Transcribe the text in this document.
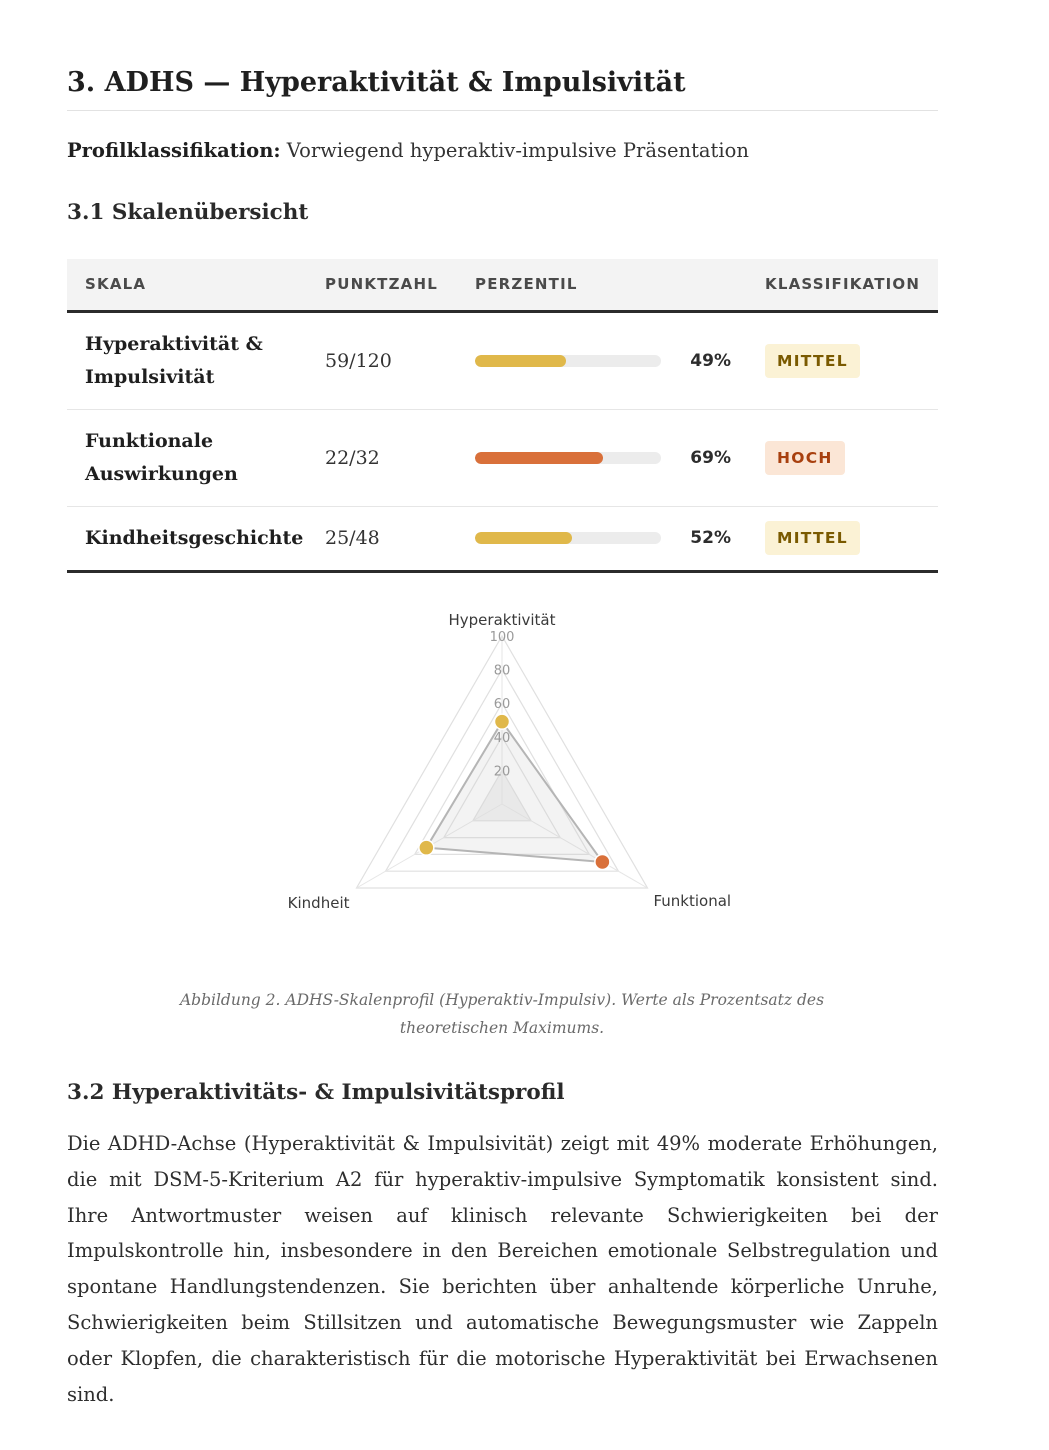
3. ADHS — Hyperaktivität & Impulsivität
Profilklassifikation: Vorwiegend hyperaktiv-impulsive Präsentation
3.1 Skalenübersicht
SKALA	PUNKTZAHL	PERZENTIL	KLASSIFIKATION
Hyperaktivität &
Impulsivität	59/120	49%	MITTEL
Funktionale
Auswirkungen	22/32	69%	HOCH
Kindheitsgeschichte	25/48	52%	MITTEL
20
40
60
80
100
Hyperaktivität
Funktional
Kindheit
Abbildung 2. ADHS-Skalenprofil (Hyperaktiv-Impulsiv). Werte als Prozentsatz des theoretischen Maximums.
3.2 Hyperaktivitäts- & Impulsivitätsprofil

Die ADHD-Achse (Hyperaktivität & Impulsivität) zeigt mit 49% moderate Erhöhungen, die mit DSM-5-Kriterium A2 für hyperaktiv-impulsive Symptomatik konsistent sind. Ihre Antwortmuster weisen auf klinisch relevante Schwierigkeiten bei der Impulskontrolle hin, insbesondere in den Bereichen emotionale Selbstregulation und spontane Handlungstendenzen. Sie berichten über anhaltende körperliche Unruhe, Schwierigkeiten beim Stillsitzen und automatische Bewegungsmuster wie Zappeln oder Klopfen, die charakteristisch für die motorische Hyperaktivität bei Erwachsenen sind.
